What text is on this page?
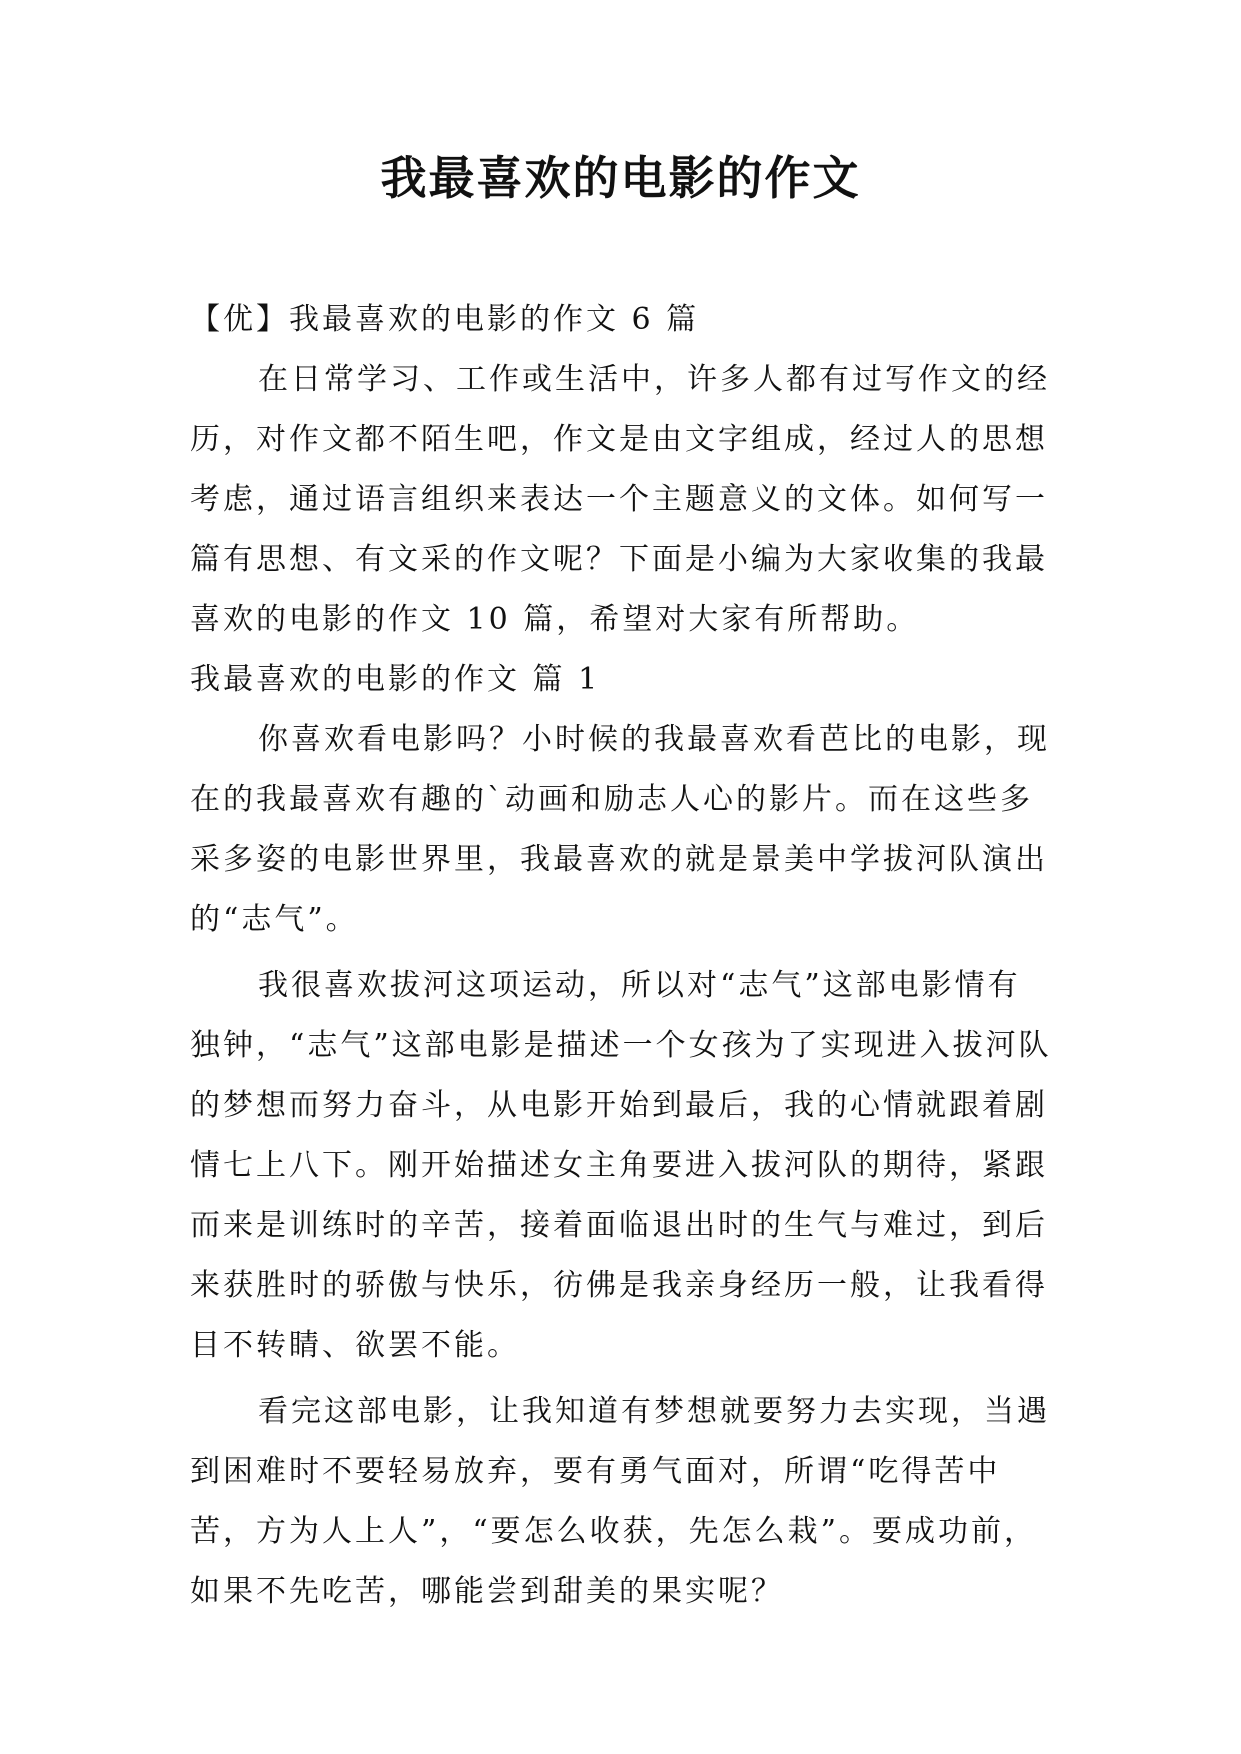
我最喜欢的电影的作文

【优】我最喜欢的电影的作文 6 篇

在日常学习、工作或生活中，许多人都有过写作文的经历，对作文都不陌生吧，作文是由文字组成，经过人的思想考虑，通过语言组织来表达一个主题意义的文体。如何写一篇有思想、有文采的作文呢？下面是小编为大家收集的我最喜欢的电影的作文 10 篇，希望对大家有所帮助。

我最喜欢的电影的作文 篇 1

你喜欢看电影吗？小时候的我最喜欢看芭比的电影，现在的我最喜欢有趣的`动画和励志人心的影片。而在这些多采多姿的电影世界里，我最喜欢的就是景美中学拔河队演出的“志气”。

我很喜欢拔河这项运动，所以对“志气”这部电影情有独钟，“志气”这部电影是描述一个女孩为了实现进入拔河队的梦想而努力奋斗，从电影开始到最后，我的心情就跟着剧情七上八下。刚开始描述女主角要进入拔河队的期待，紧跟而来是训练时的辛苦，接着面临退出时的生气与难过，到后来获胜时的骄傲与快乐，彷佛是我亲身经历一般，让我看得目不转睛、欲罢不能。

看完这部电影，让我知道有梦想就要努力去实现，当遇到困难时不要轻易放弃，要有勇气面对，所谓“吃得苦中苦，方为人上人”，“要怎么收获，先怎么栽”。要成功前，如果不先吃苦，哪能尝到甜美的果实呢？
